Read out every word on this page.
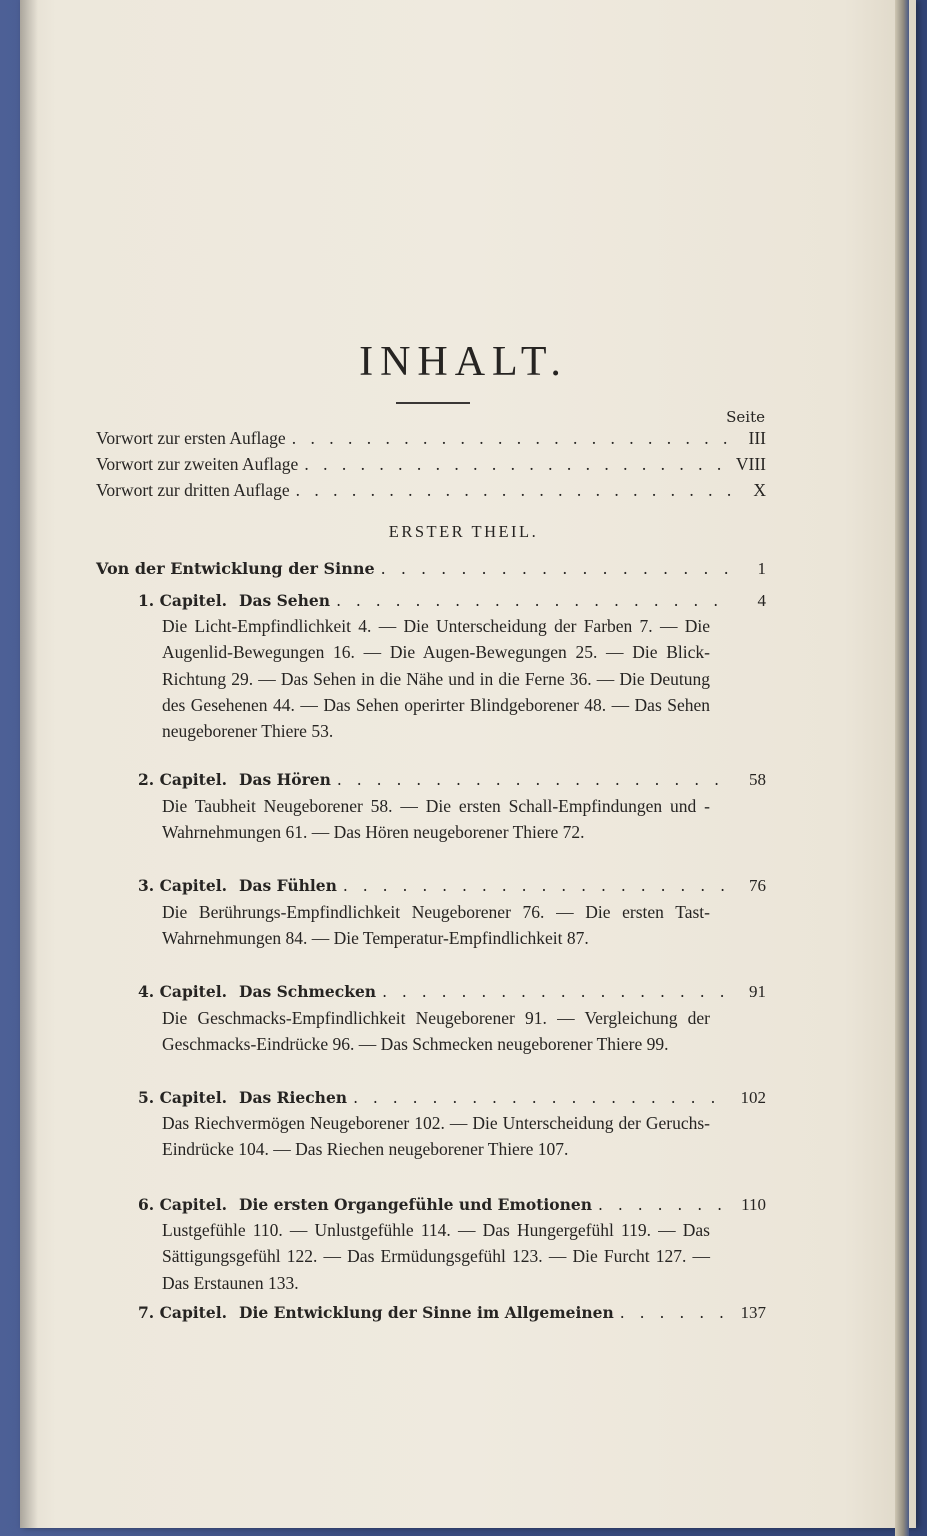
INHALT.
Seite
Vorwort zur ersten Auflage . . .	III
Vorwort zur zweiten Auflage . . .	VIII
Vorwort zur dritten Auflage . . .	X
ERSTER THEIL.
Von der Entwicklung der Sinne . . .	1
1. Capitel. Das Sehen . . .	4
Die Licht-Empfindlichkeit 4. — Die Unterscheidung der Farben 7. — Die Augenlid-Bewegungen 16. — Die Augen-Bewegungen 25. — Die Blick-Richtung 29. — Das Sehen in die Nähe und in die Ferne 36. — Die Deutung des Gesehenen 44. — Das Sehen operirter Blindgeborener 48. — Das Sehen neugeborener Thiere 53.
2. Capitel. Das Hören . . .	58
Die Taubheit Neugeborener 58. — Die ersten Schall-Empfindungen und -Wahrnehmungen 61. — Das Hören neugeborener Thiere 72.
3. Capitel. Das Fühlen . . .	76
Die Berührungs-Empfindlichkeit Neugeborener 76. — Die ersten Tast-Wahrnehmungen 84. — Die Temperatur-Empfindlichkeit 87.
4. Capitel. Das Schmecken . . .	91
Die Geschmacks-Empfindlichkeit Neugeborener 91. — Vergleichung der Geschmacks-Eindrücke 96. — Das Schmecken neugeborener Thiere 99.
5. Capitel. Das Riechen . . .	102
Das Riechvermögen Neugeborener 102. — Die Unterscheidung der Geruchs-Eindrücke 104. — Das Riechen neugeborener Thiere 107.
6. Capitel. Die ersten Organgefühle und Emotionen . . .	110
Lustgefühle 110. — Unlustgefühle 114. — Das Hungergefühl 119. — Das Sättigungsgefühl 122. — Das Ermüdungsgefühl 123. — Die Furcht 127. — Das Erstaunen 133.
7. Capitel. Die Entwicklung der Sinne im Allgemeinen . . .	137
